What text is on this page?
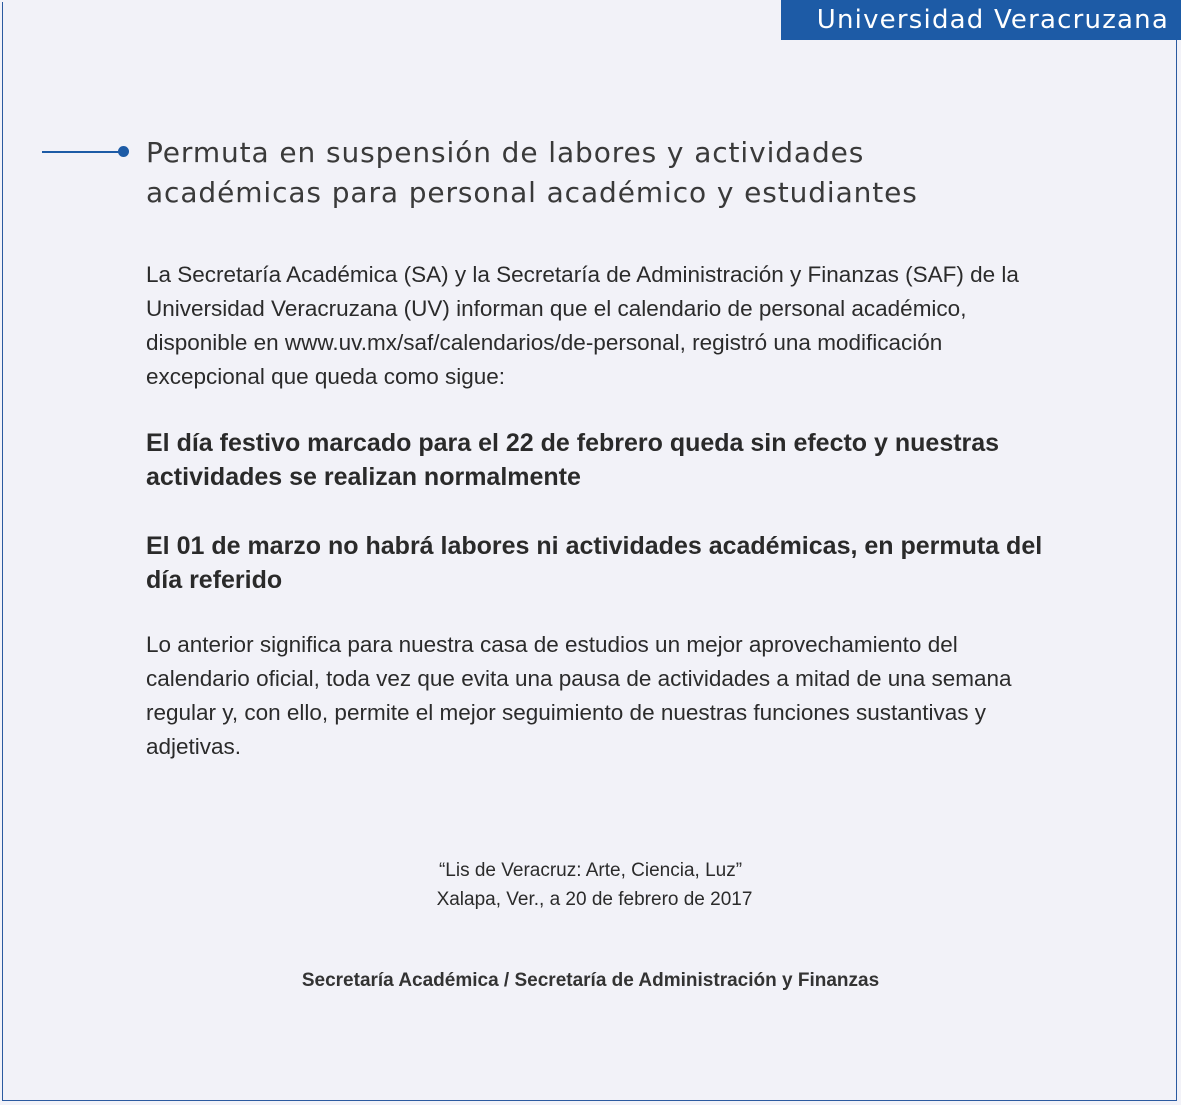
Universidad Veracruzana
Permuta en suspensión de labores y actividades
académicas para personal académico y estudiantes

La Secretaría Académica (SA) y la Secretaría de Administración y Finanzas (SAF) de la Universidad Veracruzana (UV) informan que el calendario de personal académico, disponible en www.uv.mx/saf/calendarios/de-personal, registró una modificación excepcional que queda como sigue:

El día festivo marcado para el 22 de febrero queda sin efecto y nuestras actividades se realizan normalmente

El 01 de marzo no habrá labores ni actividades académicas, en permuta del día referido

Lo anterior significa para nuestra casa de estudios un mejor aprovechamiento del calendario oficial, toda vez que evita una pausa de actividades a mitad de una semana regular y, con ello, permite el mejor seguimiento de nuestras funciones sustantivas y adjetivas.

“Lis de Veracruz: Arte, Ciencia, Luz”
Xalapa, Ver., a 20 de febrero de 2017
Secretaría Académica / Secretaría de Administración y Finanzas
